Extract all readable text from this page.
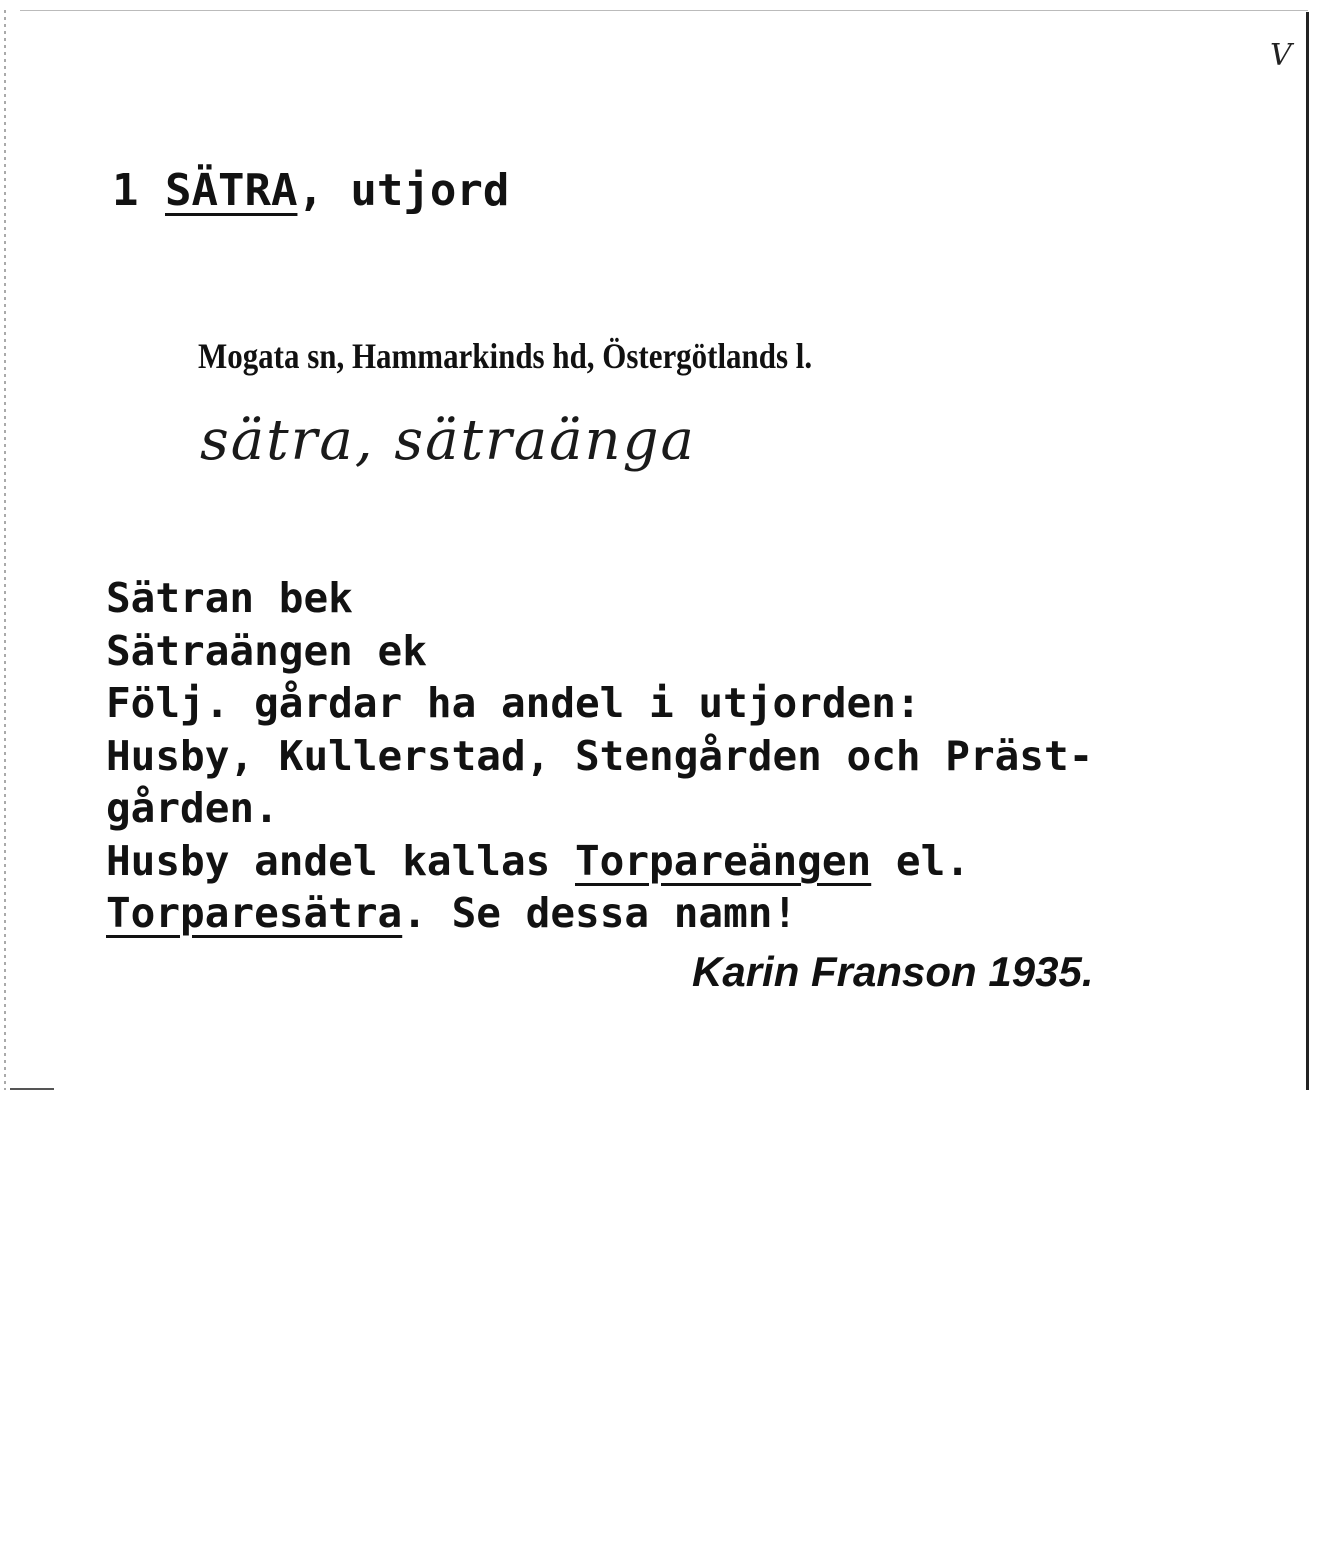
V
1 SÄTRA, utjord
Mogata sn, Hammarkinds hd, Östergötlands l.
sätra, sätraänga
Sätran bek
Sätraängen ek
Följ. gårdar ha andel i utjorden:
Husby, Kullerstad, Stengården och Präst-
gården.
Husby andel kallas Torpareängen el.
Torparesätra. Se dessa namn!
Karin Franson 1935.
